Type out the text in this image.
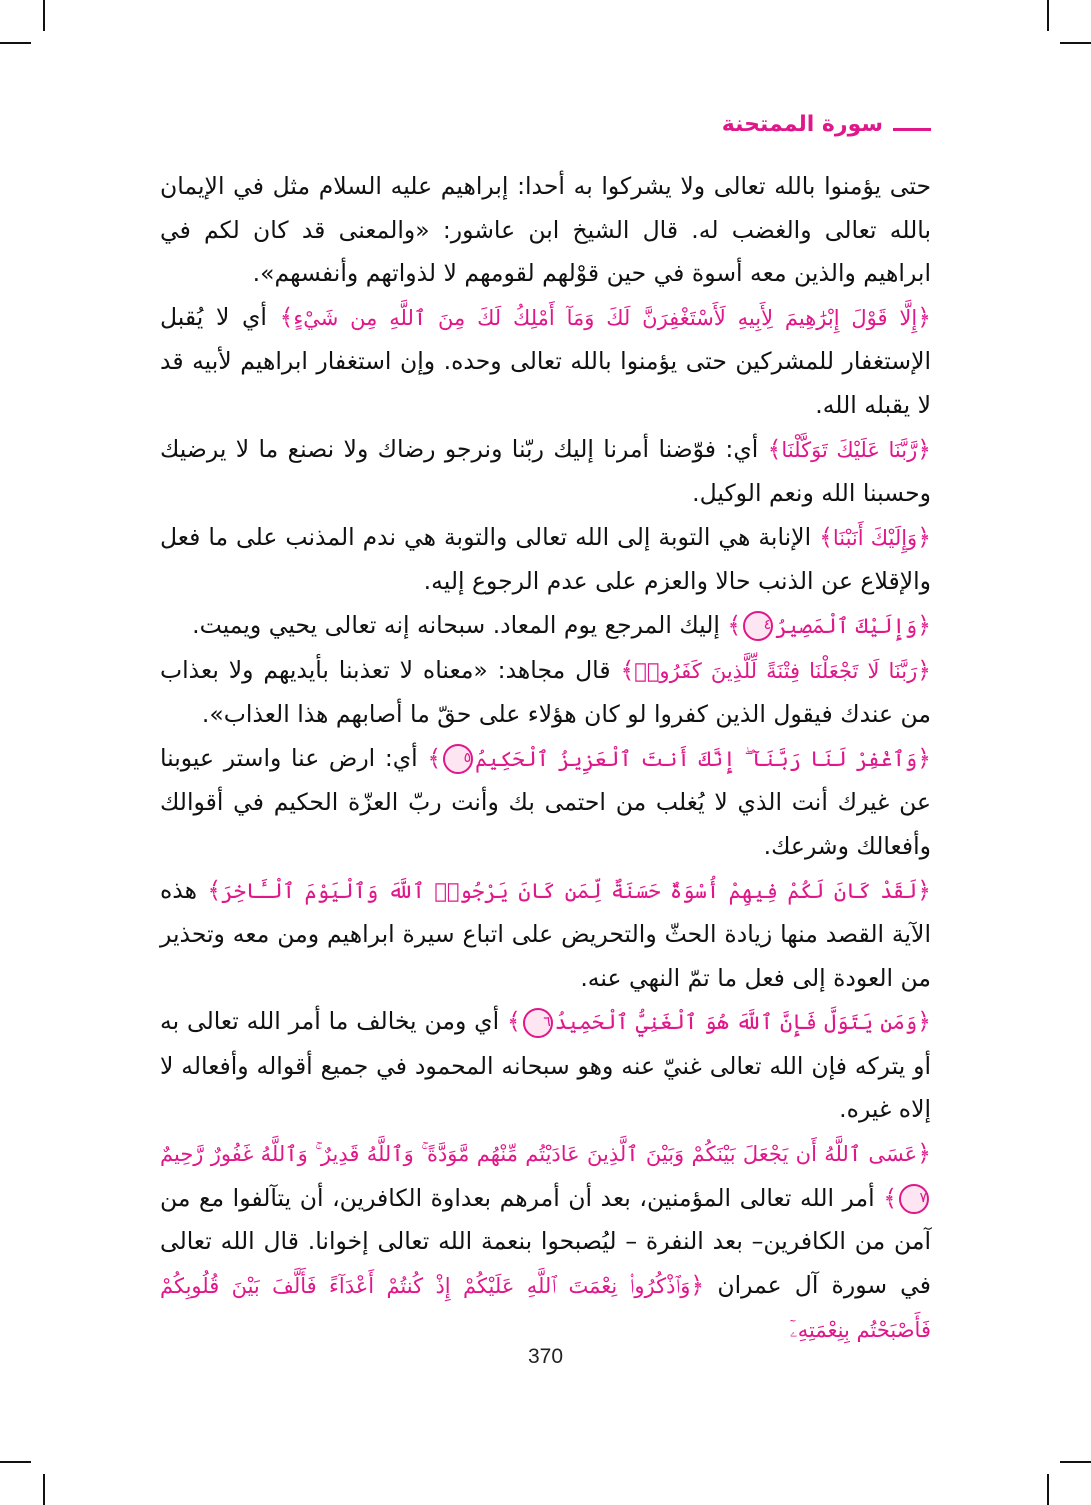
سورة الممتحنة

حتى يؤمنوا بالله تعالى ولا يشركوا به أحدا: إبراهيم عليه السلام مثل في الإيمان بالله تعالى والغضب له. قال الشيخ ابن عاشور: «والمعنى قد كان لكم في ابراهيم والذين معه أسوة في حين قوْلهم لقومهم لا لذواتهم وأنفسهم».

﴿إِلَّا قَوْلَ إِبْرَٰهِيمَ لِأَبِيهِ لَأَسْتَغْفِرَنَّ لَكَ وَمَآ أَمْلِكُ لَكَ مِنَ ٱللَّهِ مِن شَيْءٍ﴾ أي لا يُقبل الإستغفار للمشركين حتى يؤمنوا بالله تعالى وحده. وإن استغفار ابراهيم لأبيه قد لا يقبله الله.

﴿رَّبَّنَا عَلَيْكَ تَوَكَّلْنَا﴾ أي: فوّضنا أمرنا إليك ربّنا ونرجو رضاك ولا نصنع ما لا يرضيك وحسبنا الله ونعم الوكيل.

﴿وَإِلَيْكَ أَنَبْنَا﴾ الإنابة هي التوبة إلى الله تعالى والتوبة هي ندم المذنب على ما فعل والإقلاع عن الذنب حالا والعزم على عدم الرجوع إليه.

﴿وَإِلَيْكَ ٱلْمَصِيرُ٤﴾ إليك المرجع يوم المعاد. سبحانه إنه تعالى يحيي ويميت.

﴿رَبَّنَا لَا تَجْعَلْنَا فِتْنَةً لِّلَّذِينَ كَفَرُوا۟﴾ قال مجاهد: «معناه لا تعذبنا بأيديهم ولا بعذاب من عندك فيقول الذين كفروا لو كان هؤلاء على حقّ ما أصابهم هذا العذاب».

﴿وَٱغْفِرْ لَنَا رَبَّنَآ ۖ إِنَّكَ أَنتَ ٱلْعَزِيزُ ٱلْحَكِيمُ٥﴾ أي: ارض عنا واستر عيوبنا عن غيرك أنت الذي لا يُغلب من احتمى بك وأنت ربّ العزّة الحكيم في أقوالك وأفعالك وشرعك.

﴿لَقَدْ كَانَ لَكُمْ فِيهِمْ أُسْوَةٌ حَسَنَةٌ لِّمَن كَانَ يَرْجُوا۟ ٱللَّهَ وَٱلْيَوْمَ ٱلْـَٔاخِرَ﴾ هذه الآية القصد منها زيادة الحثّ والتحريض على اتباع سيرة ابراهيم ومن معه وتحذير من العودة إلى فعل ما تمّ النهي عنه.

﴿وَمَن يَتَوَلَّ فَإِنَّ ٱللَّهَ هُوَ ٱلْغَنِيُّ ٱلْحَمِيدُ٦﴾ أي ومن يخالف ما أمر الله تعالى به أو يتركه فإن الله تعالى غنيّ عنه وهو سبحانه المحمود في جميع أقواله وأفعاله لا إلاه غيره.

﴿عَسَى ٱللَّهُ أَن يَجْعَلَ بَيْنَكُمْ وَبَيْنَ ٱلَّذِينَ عَادَيْتُم مِّنْهُم مَّوَدَّةً ۚ وَٱللَّهُ قَدِيرٌ ۚ وَٱللَّهُ غَفُورٌ رَّحِيمٌ٧﴾ أمر الله تعالى المؤمنين، بعد أن أمرهم بعداوة الكافرين، أن يتآلفوا مع من آمن من الكافرين– بعد النفرة – ليُصبحوا بنعمة الله تعالى إخوانا. قال الله تعالى في سورة آل عمران ﴿وَٱذْكُرُوا۟ نِعْمَتَ ٱللَّهِ عَلَيْكُمْ إِذْ كُنتُمْ أَعْدَآءً فَأَلَّفَ بَيْنَ قُلُوبِكُمْ فَأَصْبَحْتُم بِنِعْمَتِهِۦٓ

370
